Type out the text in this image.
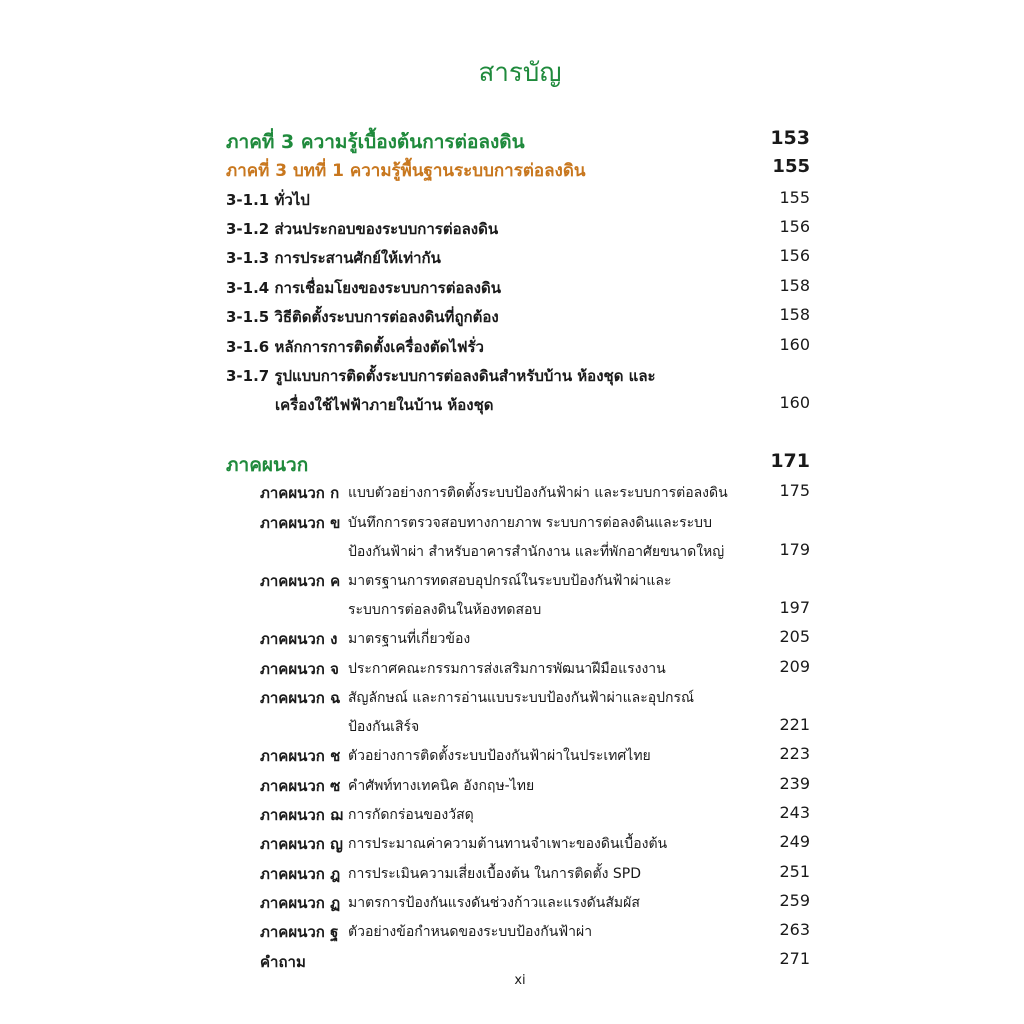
สารบัญ
ภาคที่ 3 ความรู้เบื้องต้นการต่อลงดิน	153
ภาคที่ 3 บทที่ 1 ความรู้พื้นฐานระบบการต่อลงดิน	155
3-1.1 ทั่วไป	155
3-1.2 ส่วนประกอบของระบบการต่อลงดิน	156
3-1.3 การประสานศักย์ให้เท่ากัน	156
3-1.4 การเชื่อมโยงของระบบการต่อลงดิน	158
3-1.5 วิธีติดตั้งระบบการต่อลงดินที่ถูกต้อง	158
3-1.6 หลักการการติดตั้งเครื่องตัดไฟรั่ว	160
3-1.7 รูปแบบการติดตั้งระบบการต่อลงดินสำหรับบ้าน ห้องชุด และ
เครื่องใช้ไฟฟ้าภายในบ้าน ห้องชุด	160
ภาคผนวก	171
ภาคผนวก ก แบบตัวอย่างการติดตั้งระบบป้องกันฟ้าผ่า และระบบการต่อลงดิน	175
ภาคผนวก ข บันทึกการตรวจสอบทางกายภาพ ระบบการต่อลงดินและระบบ
ป้องกันฟ้าผ่า สำหรับอาคารสำนักงาน และที่พักอาศัยขนาดใหญ่	179
ภาคผนวก ค มาตรฐานการทดสอบอุปกรณ์ในระบบป้องกันฟ้าผ่าและ
ระบบการต่อลงดินในห้องทดสอบ	197
ภาคผนวก ง มาตรฐานที่เกี่ยวข้อง	205
ภาคผนวก จ ประกาศคณะกรรมการส่งเสริมการพัฒนาฝีมือแรงงาน	209
ภาคผนวก ฉ สัญลักษณ์ และการอ่านแบบระบบป้องกันฟ้าผ่าและอุปกรณ์
ป้องกันเสิร์จ	221
ภาคผนวก ช ตัวอย่างการติดตั้งระบบป้องกันฟ้าผ่าในประเทศไทย	223
ภาคผนวก ซ คำศัพท์ทางเทคนิค อังกฤษ-ไทย	239
ภาคผนวก ฌ การกัดกร่อนของวัสดุ	243
ภาคผนวก ญ การประมาณค่าความต้านทานจำเพาะของดินเบื้องต้น	249
ภาคผนวก ฎ การประเมินความเสี่ยงเบื้องต้น ในการติดตั้ง SPD	251
ภาคผนวก ฏ มาตรการป้องกันแรงดันช่วงก้าวและแรงดันสัมผัส	259
ภาคผนวก ฐ ตัวอย่างข้อกำหนดของระบบป้องกันฟ้าผ่า	263
คำถาม	271
xi
